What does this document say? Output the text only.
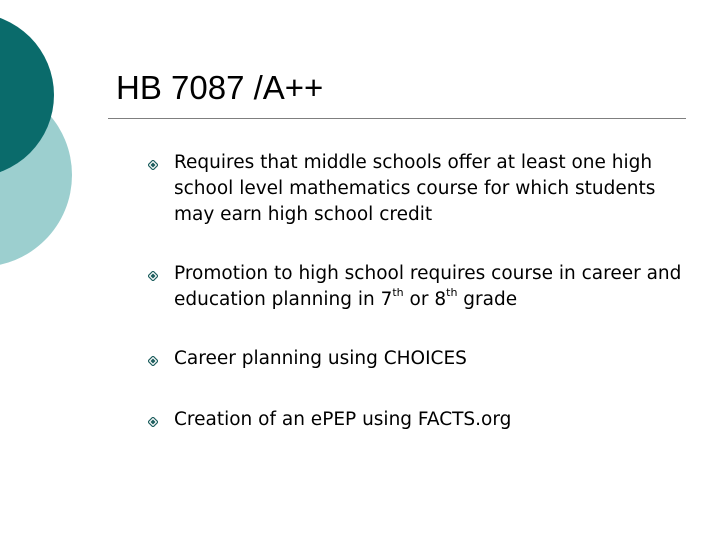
HB 7087 /A++
Requires that middle schools offer at least one high school level mathematics course for which students may earn high school credit
Promotion to high school requires course in career and education planning in 7th or 8th grade
Career planning using CHOICES
Creation of an ePEP using FACTS.org
